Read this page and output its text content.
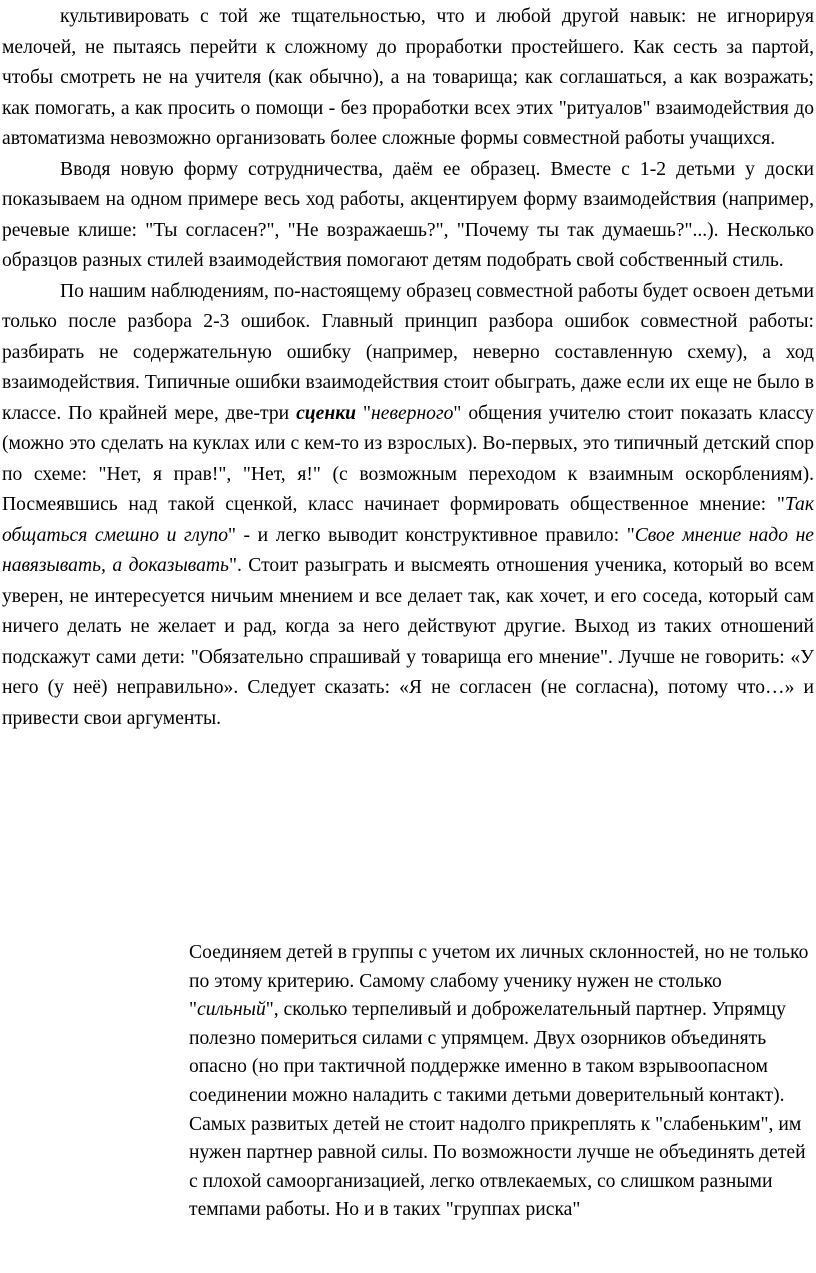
культивировать с той же тщательностью, что и любой другой навык: не игнорируя мелочей, не пытаясь перейти к сложному до проработки простейшего. Как сесть за партой, чтобы смотреть не на учителя (как обычно), а на товарища; как соглашаться, а как возражать; как помогать, а как просить о помощи - без проработки всех этих "ритуалов" взаимодействия до автоматизма невозможно организовать более сложные формы совместной работы учащихся.

Вводя новую форму сотрудничества, даём ее образец. Вместе с 1-2 детьми у доски показываем на одном примере весь ход работы, акцентируем форму взаимодействия (например, речевые клише: "Ты согласен?", "Не возражаешь?", "Почему ты так думаешь?"...). Несколько образцов разных стилей взаимодействия помогают детям подобрать свой собственный стиль.

По нашим наблюдениям, по-настоящему образец совместной работы будет освоен детьми только после разбора 2-3 ошибок. Главный принцип разбора ошибок совместной работы: разбирать не содержательную ошибку (например, неверно составленную схему), а ход взаимодействия. Типичные ошибки взаимодействия стоит обыграть, даже если их еще не было в классе. По крайней мере, две-три сценки "неверного" общения учителю стоит показать классу (можно это сделать на куклах или с кем-то из взрослых). Во-первых, это типичный детский спор по схеме: "Нет, я прав!", "Нет, я!" (с возможным переходом к взаимным оскорблениям). Посмеявшись над такой сценкой, класс начинает формировать общественное мнение: "Так общаться смешно и глупо" - и легко выводит конструктивное правило: "Свое мнение надо не навязывать, а доказывать". Стоит разыграть и высмеять отношения ученика, который во всем уверен, не интересуется ничьим мнением и все делает так, как хочет, и его соседа, который сам ничего делать не желает и рад, когда за него действуют другие. Выход из таких отношений подскажут сами дети: "Обязательно спрашивай у товарища его мнение". Лучше не говорить: «У него (у неё) неправильно». Следует сказать: «Я не согласен (не согласна), потому что…» и привести свои аргументы.

Соединяем детей в группы с учетом их личных склонностей, но не только по этому критерию. Самому слабому ученику нужен не столько "сильный", сколько терпеливый и доброжелательный партнер. Упрямцу полезно помериться силами с упрямцем. Двух озорников объединять опасно (но при тактичной поддержке именно в таком взрывоопасном соединении можно наладить с такими детьми доверительный контакт). Самых развитых детей не стоит надолго прикреплять к "слабеньким", им нужен партнер равной силы. По возможности лучше не объединять детей с плохой самоорганизацией, легко отвлекаемых, со слишком разными темпами работы. Но и в таких "группах риска"
